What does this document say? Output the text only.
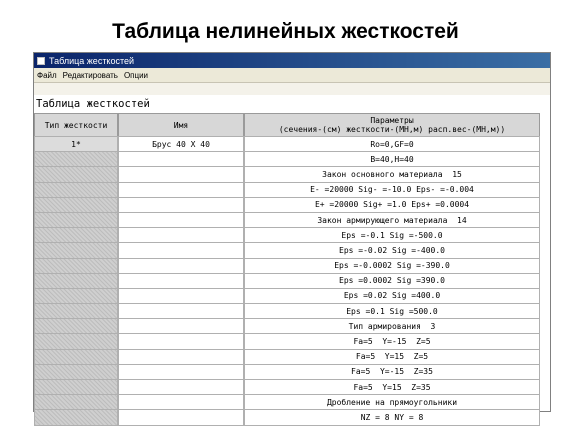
Таблица нелинейных жесткостей
Таблица жесткостей
Файл Редактировать Опции
Таблица жесткостей
Тип жесткости	Имя	Параметры
(сечения-(см) жесткости-(МН,м) расп.вес-(МН,м))
1*	Брус 40 X 40	Ro=0,GF=0
B=40,H=40
Закон основного материала  15
E- =20000 Sig- =-10.0 Eps- =-0.004
E+ =20000 Sig+ =1.0 Eps+ =0.0004
Закон армирующего материала  14
Eps =-0.1 Sig =-500.0
Eps =-0.02 Sig =-400.0
Eps =-0.0002 Sig =-390.0
Eps =0.0002 Sig =390.0
Eps =0.02 Sig =400.0
Eps =0.1 Sig =500.0
Тип армирования  3
Fa=5  Y=-15  Z=5
Fa=5  Y=15  Z=5
Fa=5  Y=-15  Z=35
Fa=5  Y=15  Z=35
Дробление на прямоугольники
NZ = 8 NY = 8
